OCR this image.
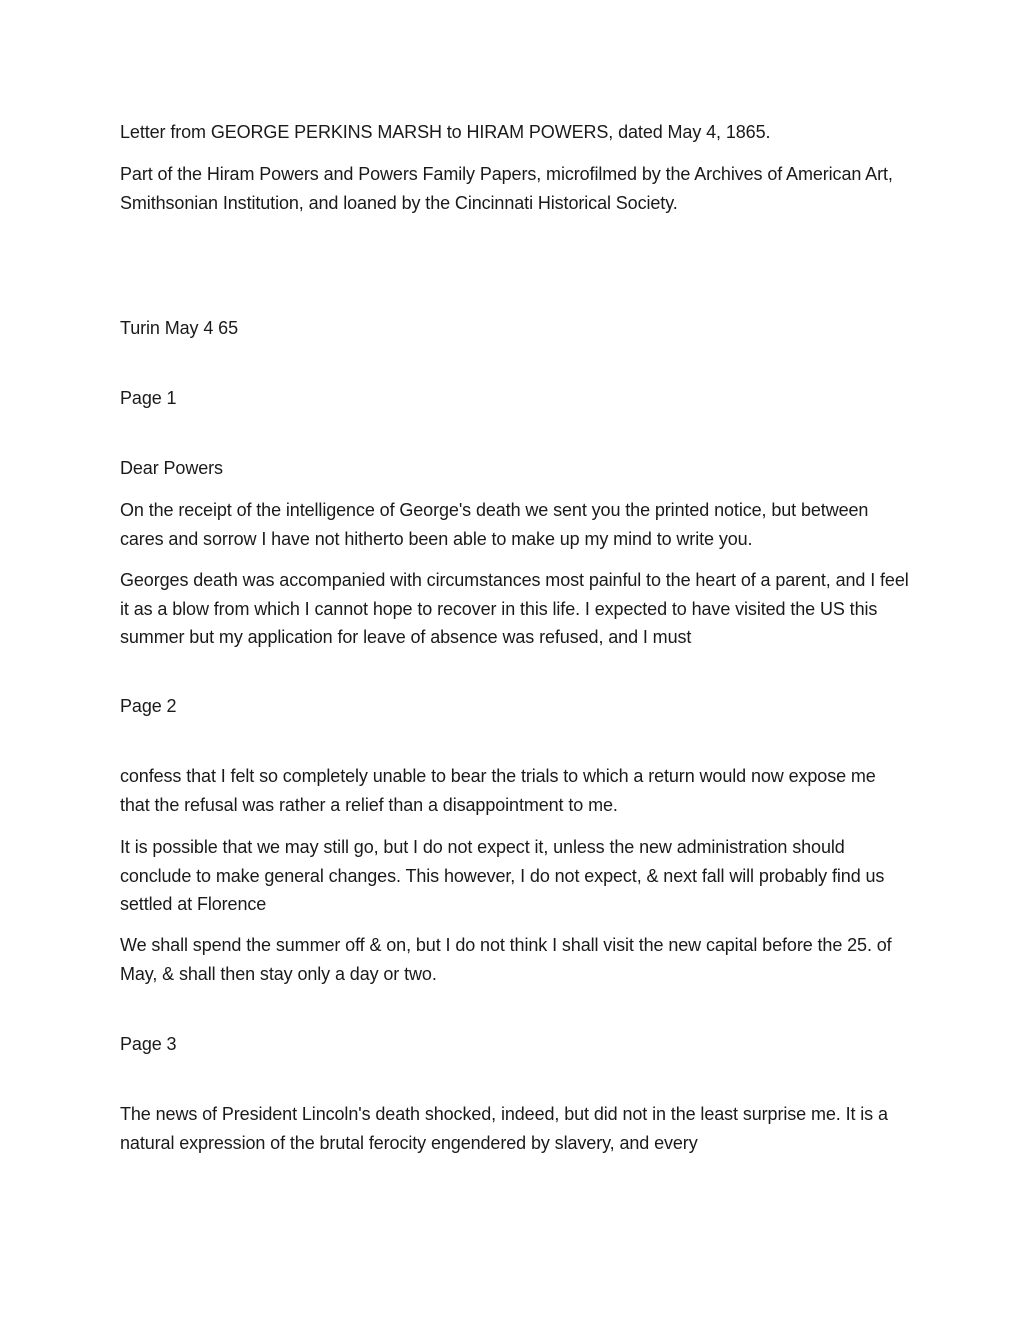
Letter from GEORGE PERKINS MARSH to HIRAM POWERS, dated May 4, 1865.

Part of the Hiram Powers and Powers Family Papers, microfilmed by the Archives of American Art, Smithsonian Institution, and loaned by the Cincinnati Historical Society.

Turin May 4 65

Page 1

Dear Powers

On the receipt of the intelligence of George's death we sent you the printed notice, but between cares and sorrow I have not hitherto been able to make up my mind to write you.

Georges death was accompanied with circumstances most painful to the heart of a parent, and I feel it as a blow from which I cannot hope to recover in this life. I expected to have visited the US this summer but my application for leave of absence was refused, and I must

Page 2

confess that I felt so completely unable to bear the trials to which a return would now expose me that the refusal was rather a relief than a disappointment to me.

It is possible that we may still go, but I do not expect it, unless the new administration should conclude to make general changes. This however, I do not expect, & next fall will probably find us settled at Florence

We shall spend the summer off & on, but I do not think I shall visit the new capital before the 25. of May, & shall then stay only a day or two.

Page 3

The news of President Lincoln's death shocked, indeed, but did not in the least surprise me. It is a natural expression of the brutal ferocity engendered by slavery, and every
